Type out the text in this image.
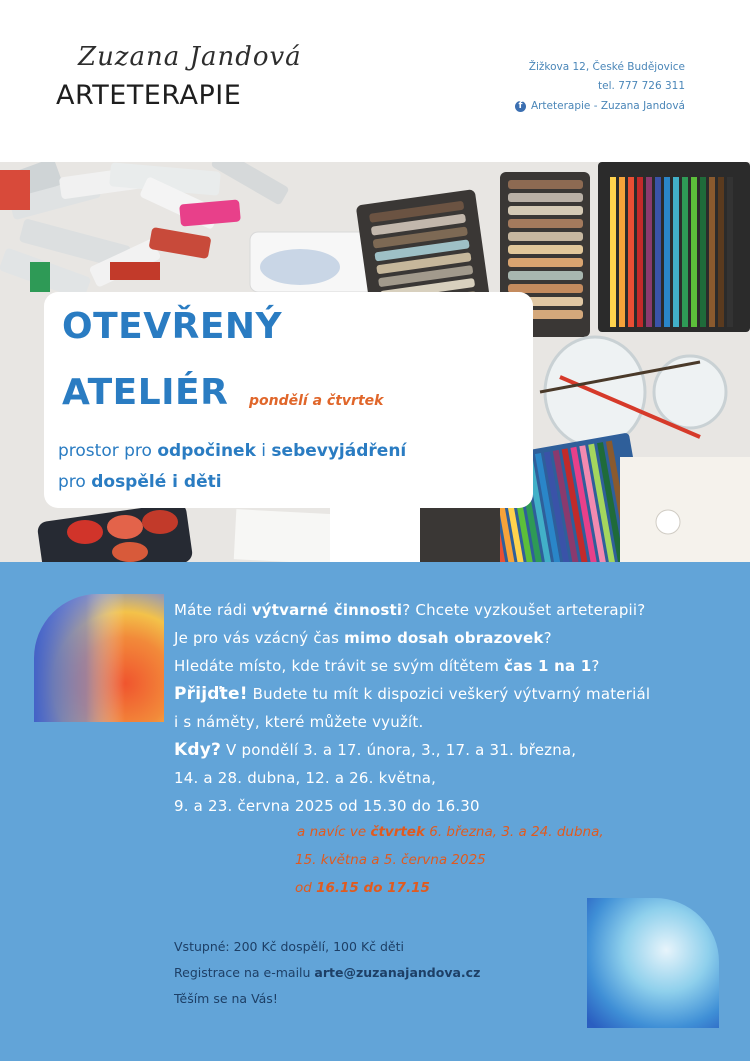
Zuzana Jandová
ARTETERAPIE
Žižkova 12, České Budějovice
tel. 777 726 311
f Arteterapie - Zuzana Jandová
OTEVŘENÝ
ATELIÉR pondělí a čtvrtek
prostor pro odpočinek i sebevyjádření
pro dospělé i děti
Máte rádi výtvarné činnosti? Chcete vyzkoušet arteterapii?
Je pro vás vzácný čas mimo dosah obrazovek?
Hledáte místo, kde trávit se svým dítětem čas 1 na 1?
Přijďte! Budete tu mít k dispozici veškerý výtvarný materiál
i s náměty, které můžete využít.
Kdy? V pondělí 3. a 17. února, 3., 17. a 31. března,
14. a 28. dubna, 12. a 26. května,
9. a 23. června 2025 od 15.30 do 16.30
a navíc ve čtvrtek 6. března, 3. a 24. dubna,
15. května a 5. června 2025
od 16.15 do 17.15
Vstupné: 200 Kč dospělí, 100 Kč děti
Registrace na e-mailu arte@zuzanajandova.cz
Těším se na Vás!
